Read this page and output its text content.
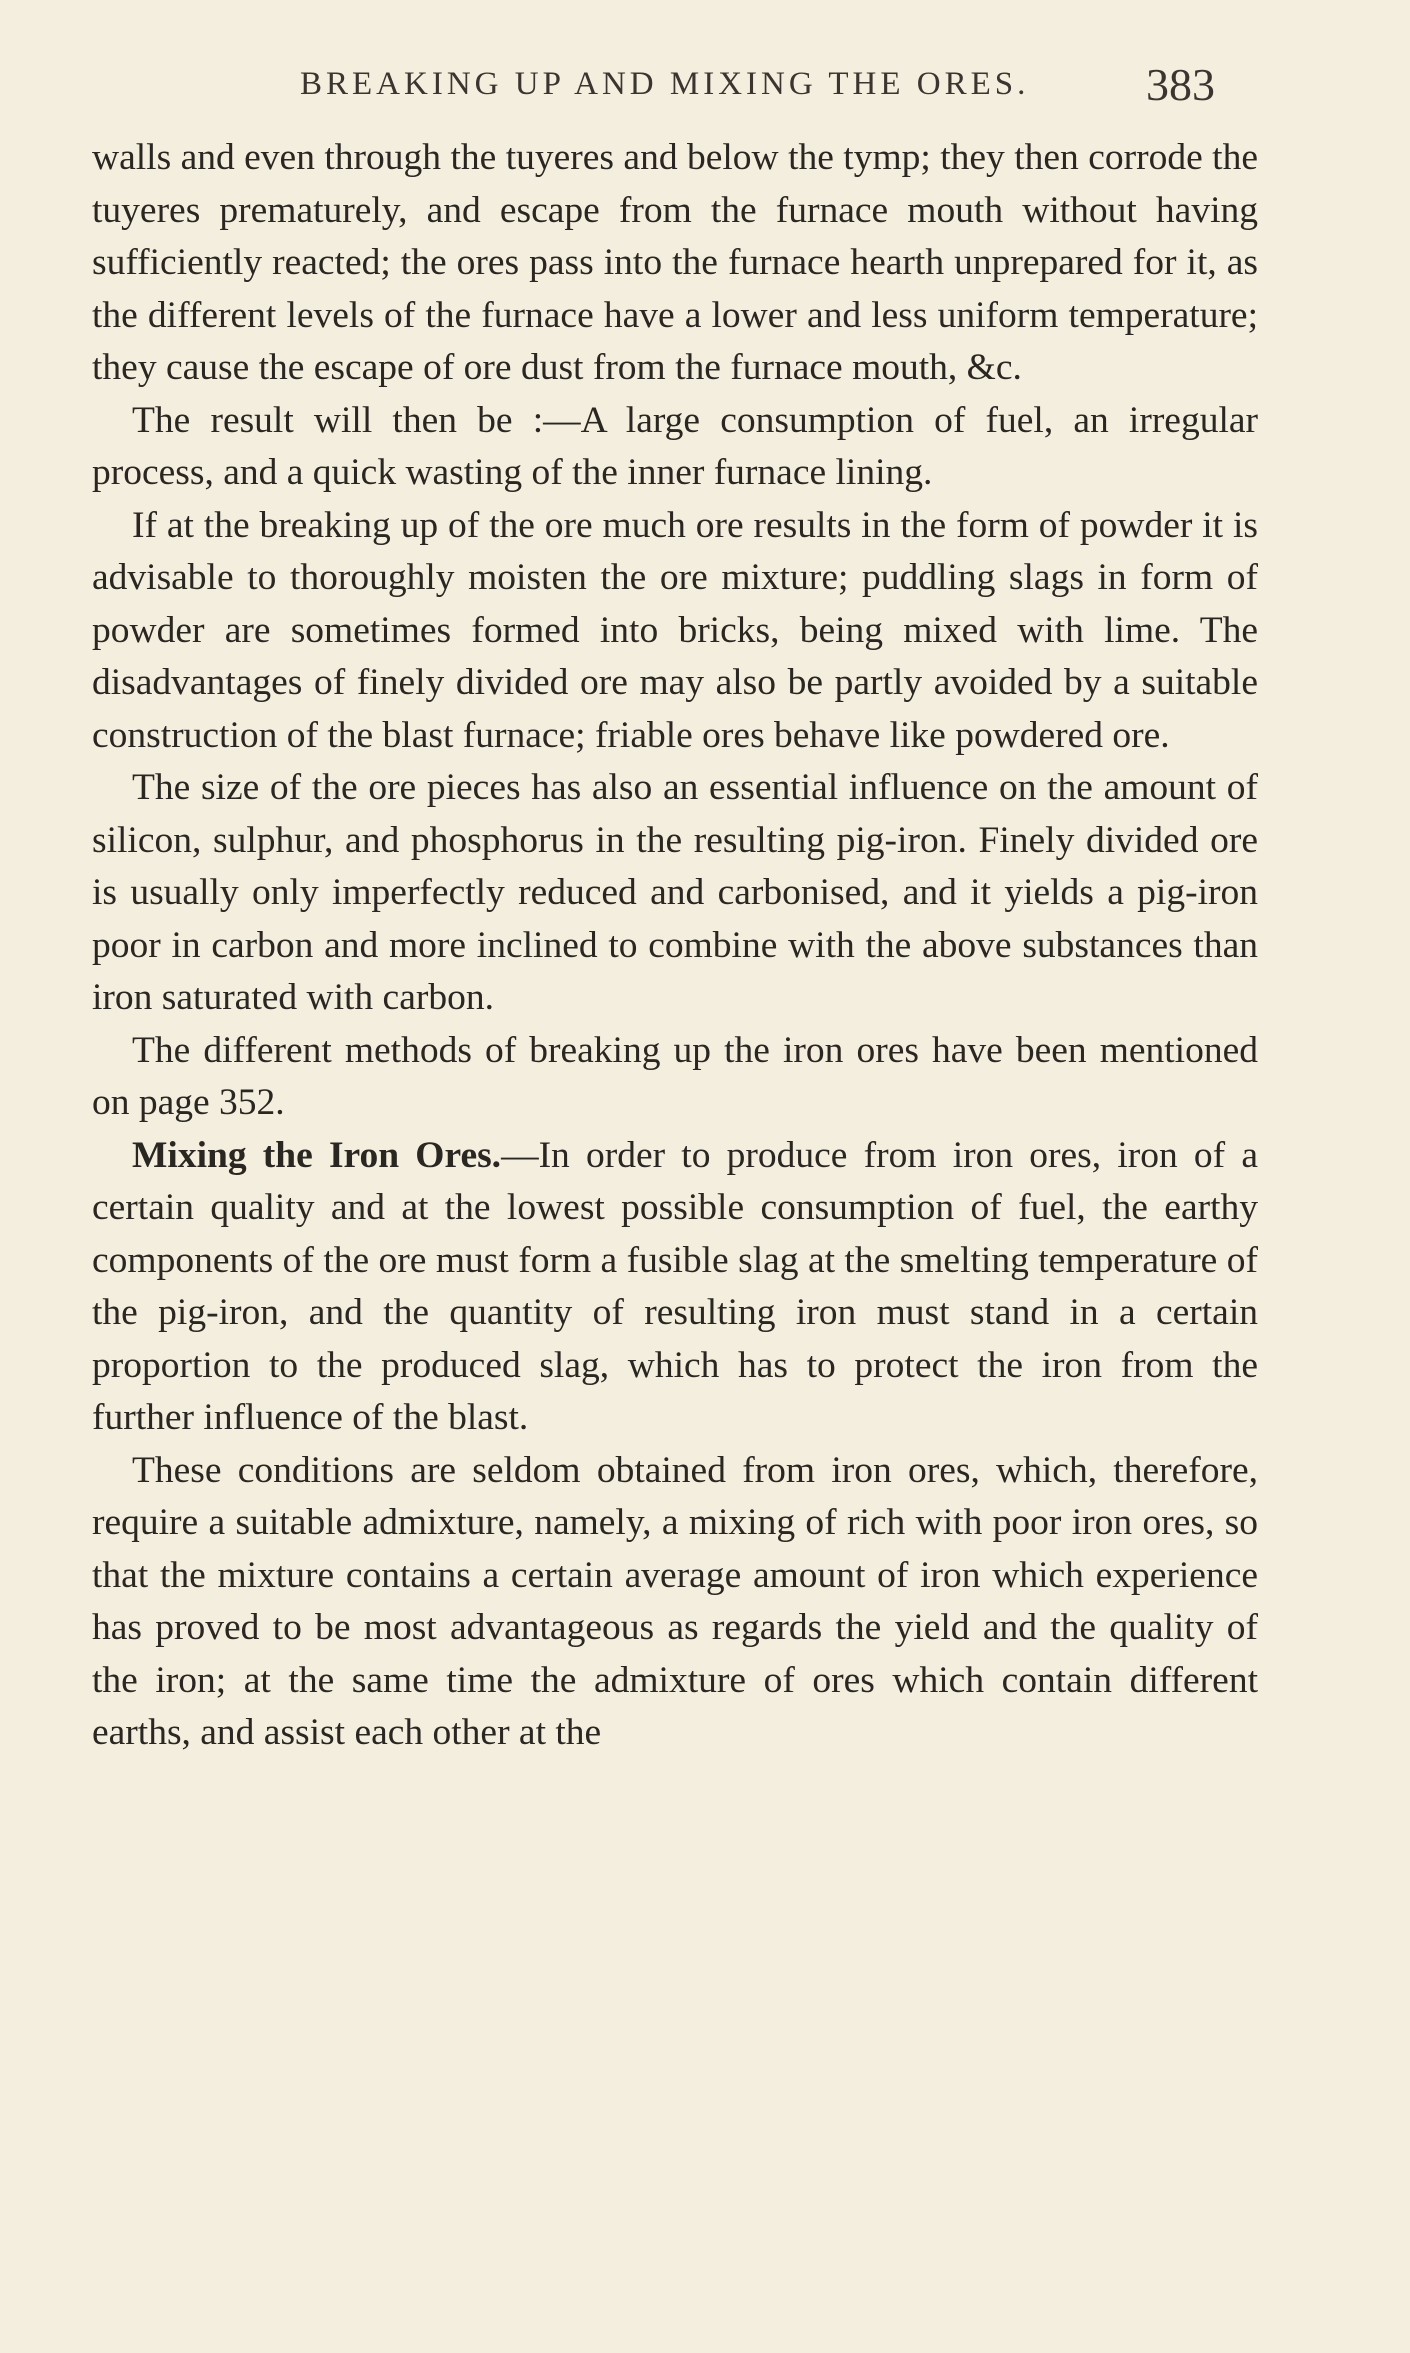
BREAKING UP AND MIXING THE ORES.	383

walls and even through the tuyeres and below the tymp; they then corrode the tuyeres prematurely, and escape from the furnace mouth without having sufficiently reacted; the ores pass into the furnace hearth unprepared for it, as the different levels of the furnace have a lower and less uniform temperature; they cause the escape of ore dust from the furnace mouth, &c.

The result will then be :—A large consumption of fuel, an irregular process, and a quick wasting of the inner furnace lining.

If at the breaking up of the ore much ore results in the form of powder it is advisable to thoroughly moisten the ore mixture; puddling slags in form of powder are sometimes formed into bricks, being mixed with lime. The disadvantages of finely divided ore may also be partly avoided by a suitable construction of the blast furnace; friable ores behave like powdered ore.

The size of the ore pieces has also an essential influence on the amount of silicon, sulphur, and phosphorus in the resulting pig-iron. Finely divided ore is usually only imperfectly reduced and carbonised, and it yields a pig-iron poor in carbon and more inclined to combine with the above substances than iron saturated with carbon.

The different methods of breaking up the iron ores have been mentioned on page 352.

Mixing the Iron Ores.—In order to produce from iron ores, iron of a certain quality and at the lowest possible consumption of fuel, the earthy components of the ore must form a fusible slag at the smelting temperature of the pig-iron, and the quantity of resulting iron must stand in a certain proportion to the produced slag, which has to protect the iron from the further influence of the blast.

These conditions are seldom obtained from iron ores, which, therefore, require a suitable admixture, namely, a mixing of rich with poor iron ores, so that the mixture contains a certain average amount of iron which experience has proved to be most advantageous as regards the yield and the quality of the iron; at the same time the admixture of ores which contain different earths, and assist each other at the
